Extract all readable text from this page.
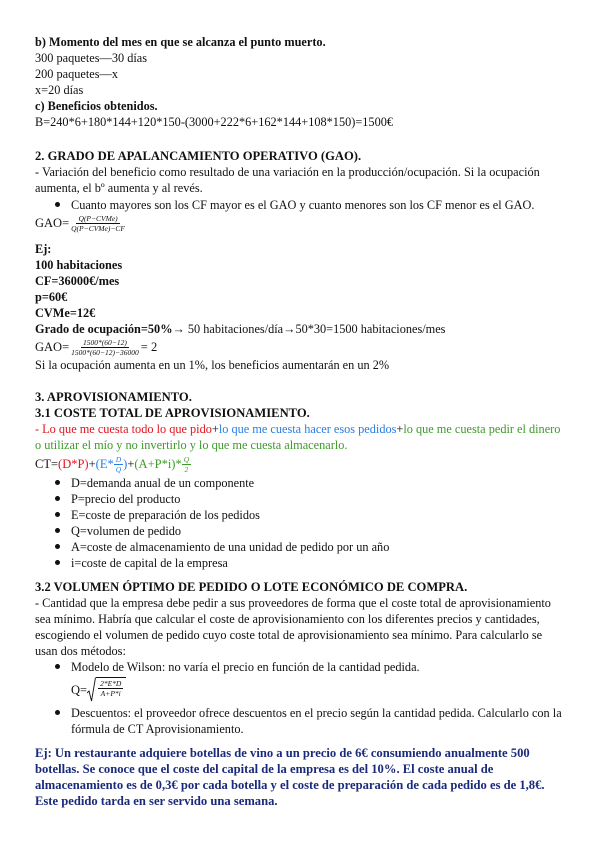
b) Momento del mes en que se alcanza el punto muerto.
300 paquetes—30 días
200 paquetes—x
x=20 días
c) Beneficios obtenidos.
B=240*6+180*144+120*150-(3000+222*6+162*144+108*150)=1500€
2. GRADO DE APALANCAMIENTO OPERATIVO (GAO).
- Variación del beneficio como resultado de una variación en la producción/ocupación. Si la ocupación aumenta, el bº aumenta y al revés.
Cuanto mayores son los CF mayor es el GAO y cuanto menores son los CF menor es el GAO.
$GAO= \frac{\text{Q(P−CVMe)}}{\text{Q(P−CVMe)−CF}}$
Ej:
100 habitaciones
CF=36000€/mes
p=60€
CVMe=12€
Grado de ocupación=50%→ 50 habitaciones/día→50*30=1500 habitaciones/mes
$GAO= \frac{1500*(60-12)}{1500*(60-12)-36000} = 2$
Si la ocupación aumenta en un 1%, los beneficios aumentarán en un 2%
3. APROVISIONAMIENTO.
3.1 COSTE TOTAL DE APROVISIONAMIENTO.
- Lo que me cuesta todo lo que pido+lo que me cuesta hacer esos pedidos+lo que me cuesta pedir el dinero o utilizar el mío y no invertirlo y lo que me cuesta almacenarlo.
$CT= (D*P) + (E* \frac{D}{Q}$ ) + $(A+P*i)* \frac{Q}{2}$
D=demanda anual de un componente
P=precio del producto
E=coste de preparación de los pedidos
Q=volumen de pedido
A=coste de almacenamiento de una unidad de pedido por un año
i=coste de capital de la empresa
3.2 VOLUMEN ÓPTIMO DE PEDIDO O LOTE ECONÓMICO DE COMPRA.
- Cantidad que la empresa debe pedir a sus proveedores de forma que el coste total de aprovisionamiento sea mínimo. Habría que calcular el coste de aprovisionamiento con los diferentes precios y cantidades, escogiendo el volumen de pedido cuyo coste total de aprovisionamiento sea mínimo. Para calcularlo se usan dos métodos:
Modelo de Wilson: no varía el precio en función de la cantidad pedida.
$Q= \frac{2*E*D}{A+P*i}$
Descuentos: el proveedor ofrece descuentos en el precio según la cantidad pedida. Calcularlo con la fórmula de CT Aprovisionamiento.
Ej: Un restaurante adquiere botellas de vino a un precio de 6€ consumiendo anualmente 500 botellas. Se conoce que el coste del capital de la empresa es del 10%. El coste anual de almacenamiento es de 0,3€ por cada botella y el coste de preparación de cada pedido es de 1,8€. Este pedido tarda en ser servido una semana.
